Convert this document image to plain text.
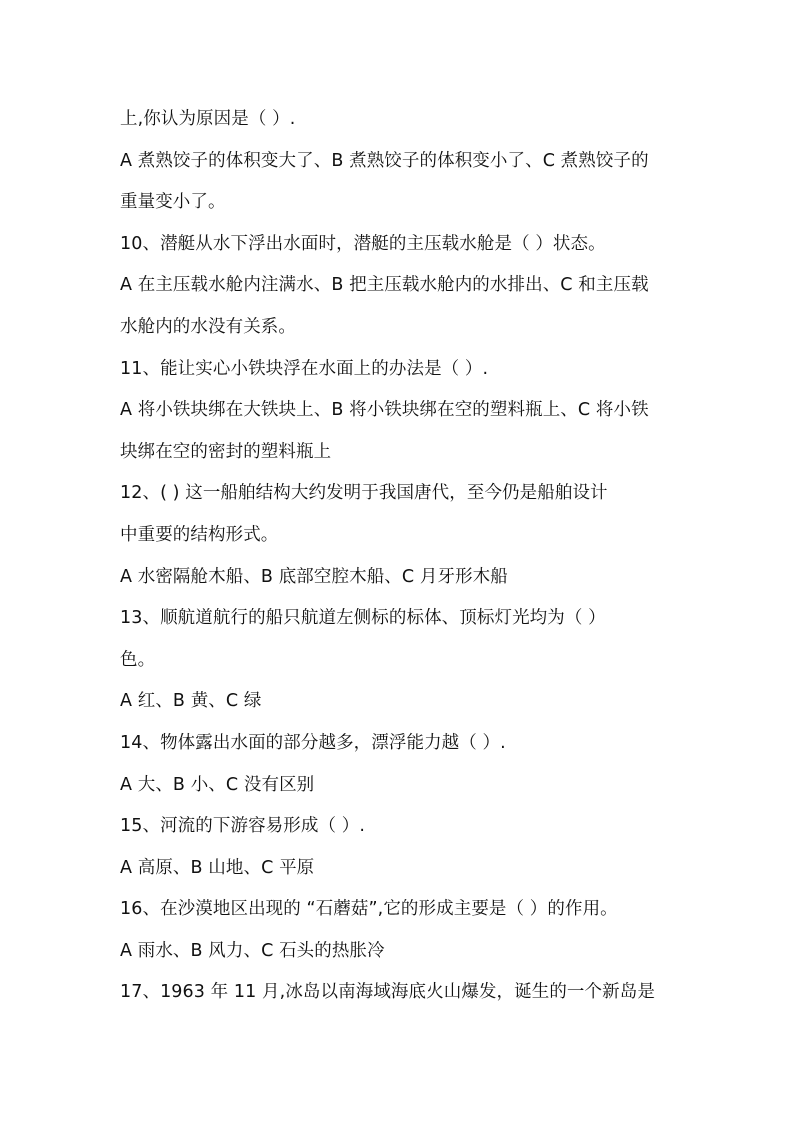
上,你认为原因是（ ）.
A 煮熟饺子的体积变大了、B 煮熟饺子的体积变小了、C 煮熟饺子的
重量变小了。
10、潜艇从水下浮出水面时，潜艇的主压载水舱是（ ）状态。
A 在主压载水舱内注满水、B 把主压载水舱内的水排出、C 和主压载
水舱内的水没有关系。
11、能让实心小铁块浮在水面上的办法是（ ）.
A 将小铁块绑在大铁块上、B 将小铁块绑在空的塑料瓶上、C 将小铁
块绑在空的密封的塑料瓶上
12、( ) 这一船舶结构大约发明于我国唐代，至今仍是船舶设计
中重要的结构形式。
A 水密隔舱木船、B 底部空腔木船、C 月牙形木船
13、顺航道航行的船只航道左侧标的标体、顶标灯光均为（ ）
色。
A 红、B 黄、C 绿
14、物体露出水面的部分越多，漂浮能力越（ ）.
A 大、B 小、C 没有区别
15、河流的下游容易形成（ ）.
A 高原、B 山地、C 平原
16、在沙漠地区出现的 “石蘑菇”,它的形成主要是（ ）的作用。
A 雨水、B 风力、C 石头的热胀冷
17、1963 年 11 月,冰岛以南海域海底火山爆发，诞生的一个新岛是
